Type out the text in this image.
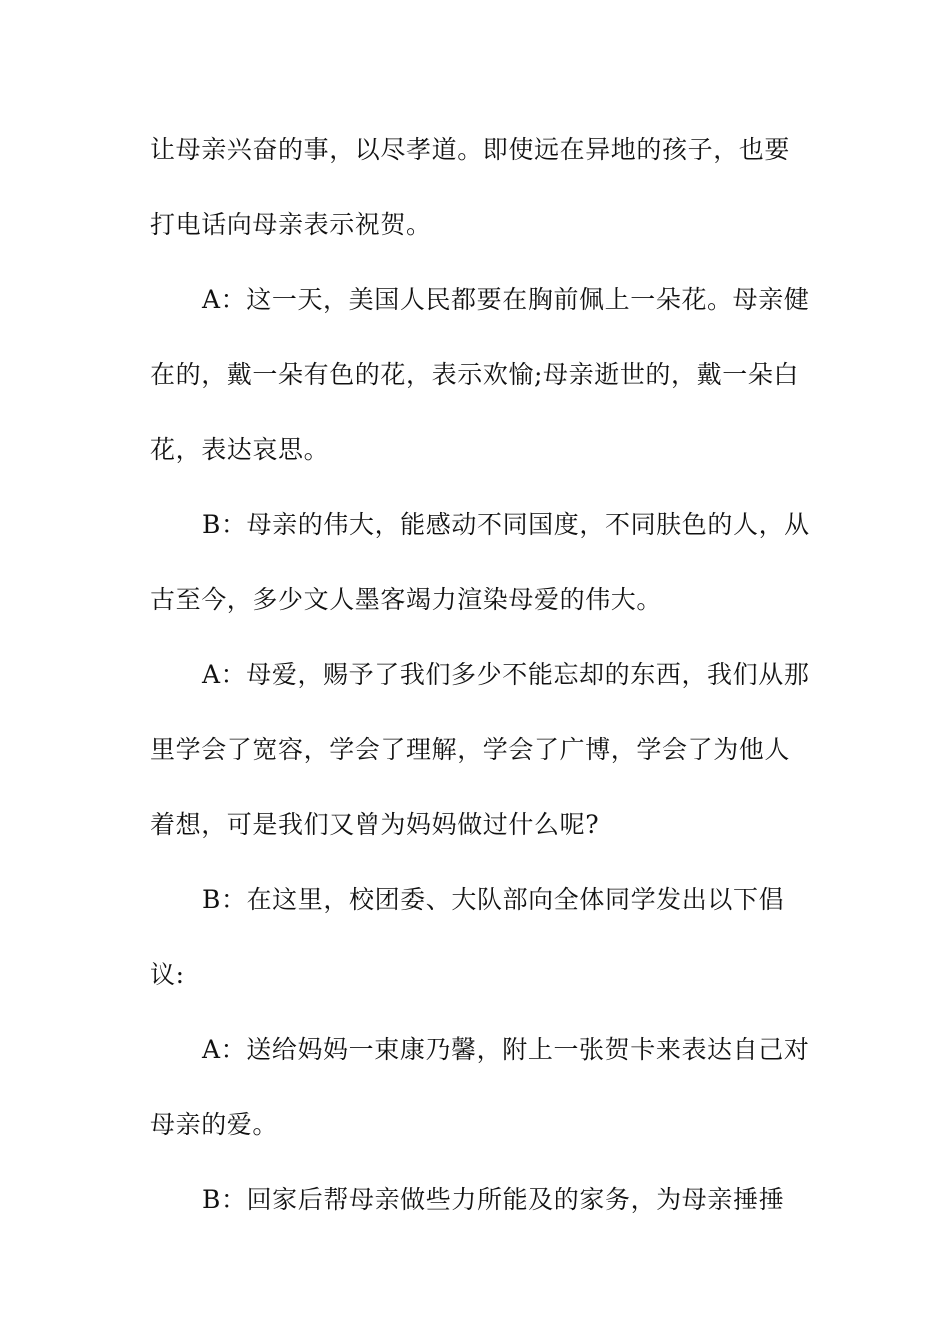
让母亲兴奋的事，以尽孝道。即使远在异地的孩子，也要
打电话向母亲表示祝贺。
A：这一天，美国人民都要在胸前佩上一朵花。母亲健
在的，戴一朵有色的花，表示欢愉;母亲逝世的，戴一朵白
花，表达哀思。
B：母亲的伟大，能感动不同国度，不同肤色的人，从
古至今，多少文人墨客竭力渲染母爱的伟大。
A：母爱，赐予了我们多少不能忘却的东西，我们从那
里学会了宽容，学会了理解，学会了广博，学会了为他人
着想，可是我们又曾为妈妈做过什么呢?
B：在这里，校团委、大队部向全体同学发出以下倡
议:
A：送给妈妈一束康乃馨，附上一张贺卡来表达自己对
母亲的爱。
B：回家后帮母亲做些力所能及的家务，为母亲捶捶
